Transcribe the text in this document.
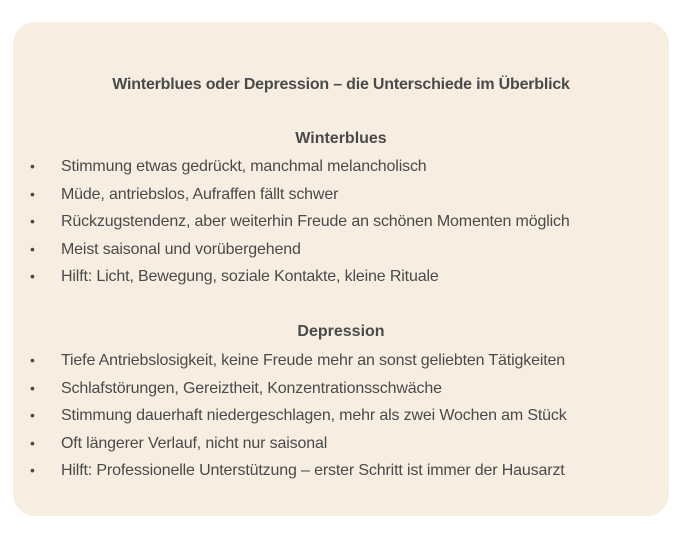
Winterblues oder Depression – die Unterschiede im Überblick
Winterblues
• Stimmung etwas gedrückt, manchmal melancholisch
• Müde, antriebslos, Aufraffen fällt schwer
• Rückzugstendenz, aber weiterhin Freude an schönen Momenten möglich
• Meist saisonal und vorübergehend
• Hilft: Licht, Bewegung, soziale Kontakte, kleine Rituale
Depression
• Tiefe Antriebslosigkeit, keine Freude mehr an sonst geliebten Tätigkeiten
• Schlafstörungen, Gereiztheit, Konzentrationsschwäche
• Stimmung dauerhaft niedergeschlagen, mehr als zwei Wochen am Stück
• Oft längerer Verlauf, nicht nur saisonal
• Hilft: Professionelle Unterstützung – erster Schritt ist immer der Hausarzt
